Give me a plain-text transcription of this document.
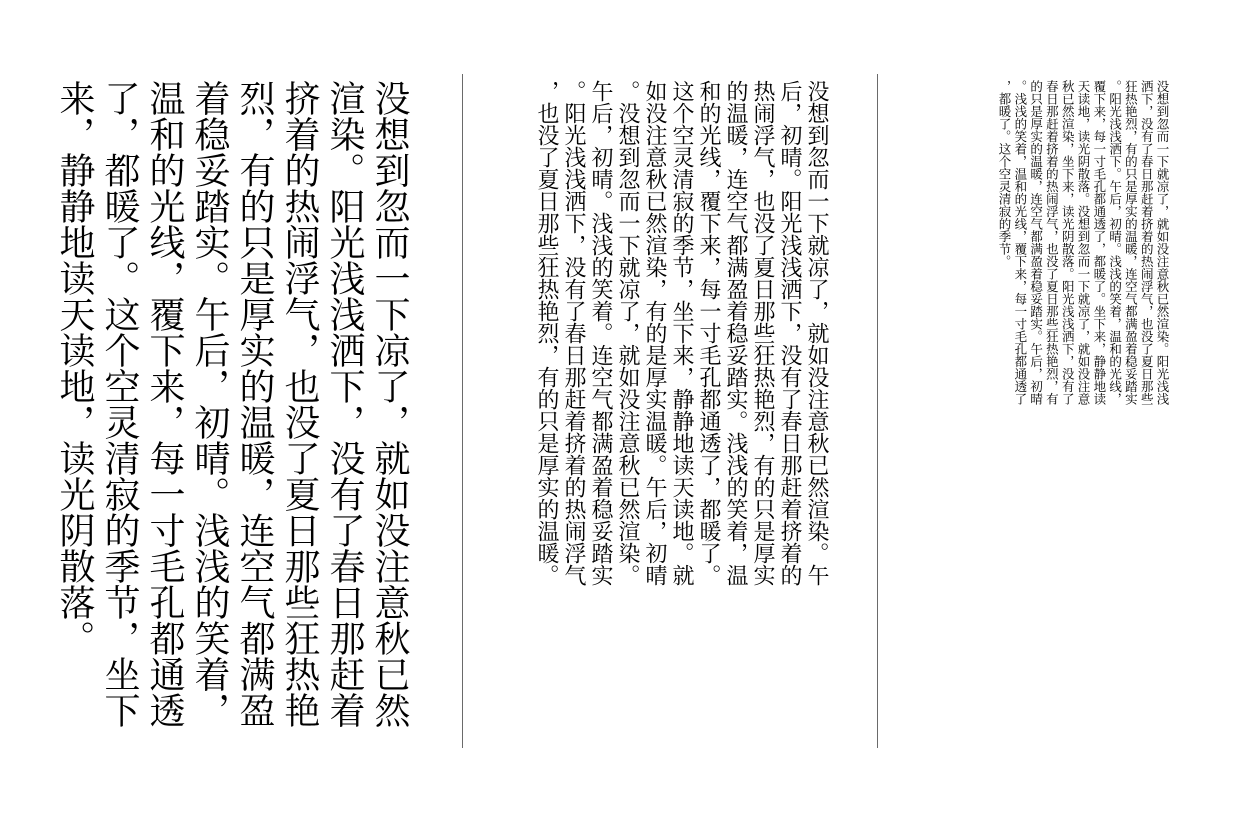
没想到忽而一下凉了，就如没注意秋已然渲染。阳光浅浅洒下，没有了春日那赶着挤着的热闹浮气，也没了夏日那些狂热艳烈，有的只是厚实的温暖，连空气都满盈着稳妥踏实。午后，初晴。浅浅的笑着，温和的光线，覆下来，每一寸毛孔都通透了，都暖了。这个空灵清寂的季节，坐下来，静静地读天读地，读光阴散落。	没想到忽而一下就凉了，就如没注意秋已然渲染。午后，初晴。阳光浅浅洒下，没有了春日那赶着挤着的热闹浮气，也没了夏日那些狂热艳烈，有的只是厚实的温暖，连空气都满盈着稳妥踏实。浅浅的笑着，温和的光线，覆下来，每一寸毛孔都通透了，都暖了。这个空灵清寂的季节，坐下来，静静地读天读地。就如没注意秋已然渲染，有的是厚实温暖。午后，初晴。没想到忽而一下就凉了，就如没注意秋已然渲染。午后，初晴。浅浅的笑着。连空气都满盈着稳妥踏实。阳光浅浅洒下，没有了春日那赶着挤着的热闹浮气，也没了夏日那些狂热艳烈，有的只是厚实的温暖。	没想到忽而一下就凉了，就如没注意秋已然渲染。阳光浅浅洒下，没有了春日那赶着挤着的热闹浮气，也没了夏日那些狂热艳烈，有的只是厚实的温暖，连空气都满盈着稳妥踏实。阳光浅浅洒下。午后，初晴。浅浅的笑着，温和的光线，覆下来，每一寸毛孔都通透了，都暖了。坐下来，静静地读天读地，读光阴散落。没想到忽而一下就凉了，就如没注意秋已然渲染，坐下来，读光阴散落。阳光浅浅洒下，没有了春日那赶着挤着的热闹浮气，也没了夏日那些狂热艳烈，有的只是厚实的温暖，连空气都满盈着稳妥踏实。午后，初晴。浅浅的笑着，温和的光线，覆下来，每一寸毛孔都通透了，都暖了。这个空灵清寂的季节。
